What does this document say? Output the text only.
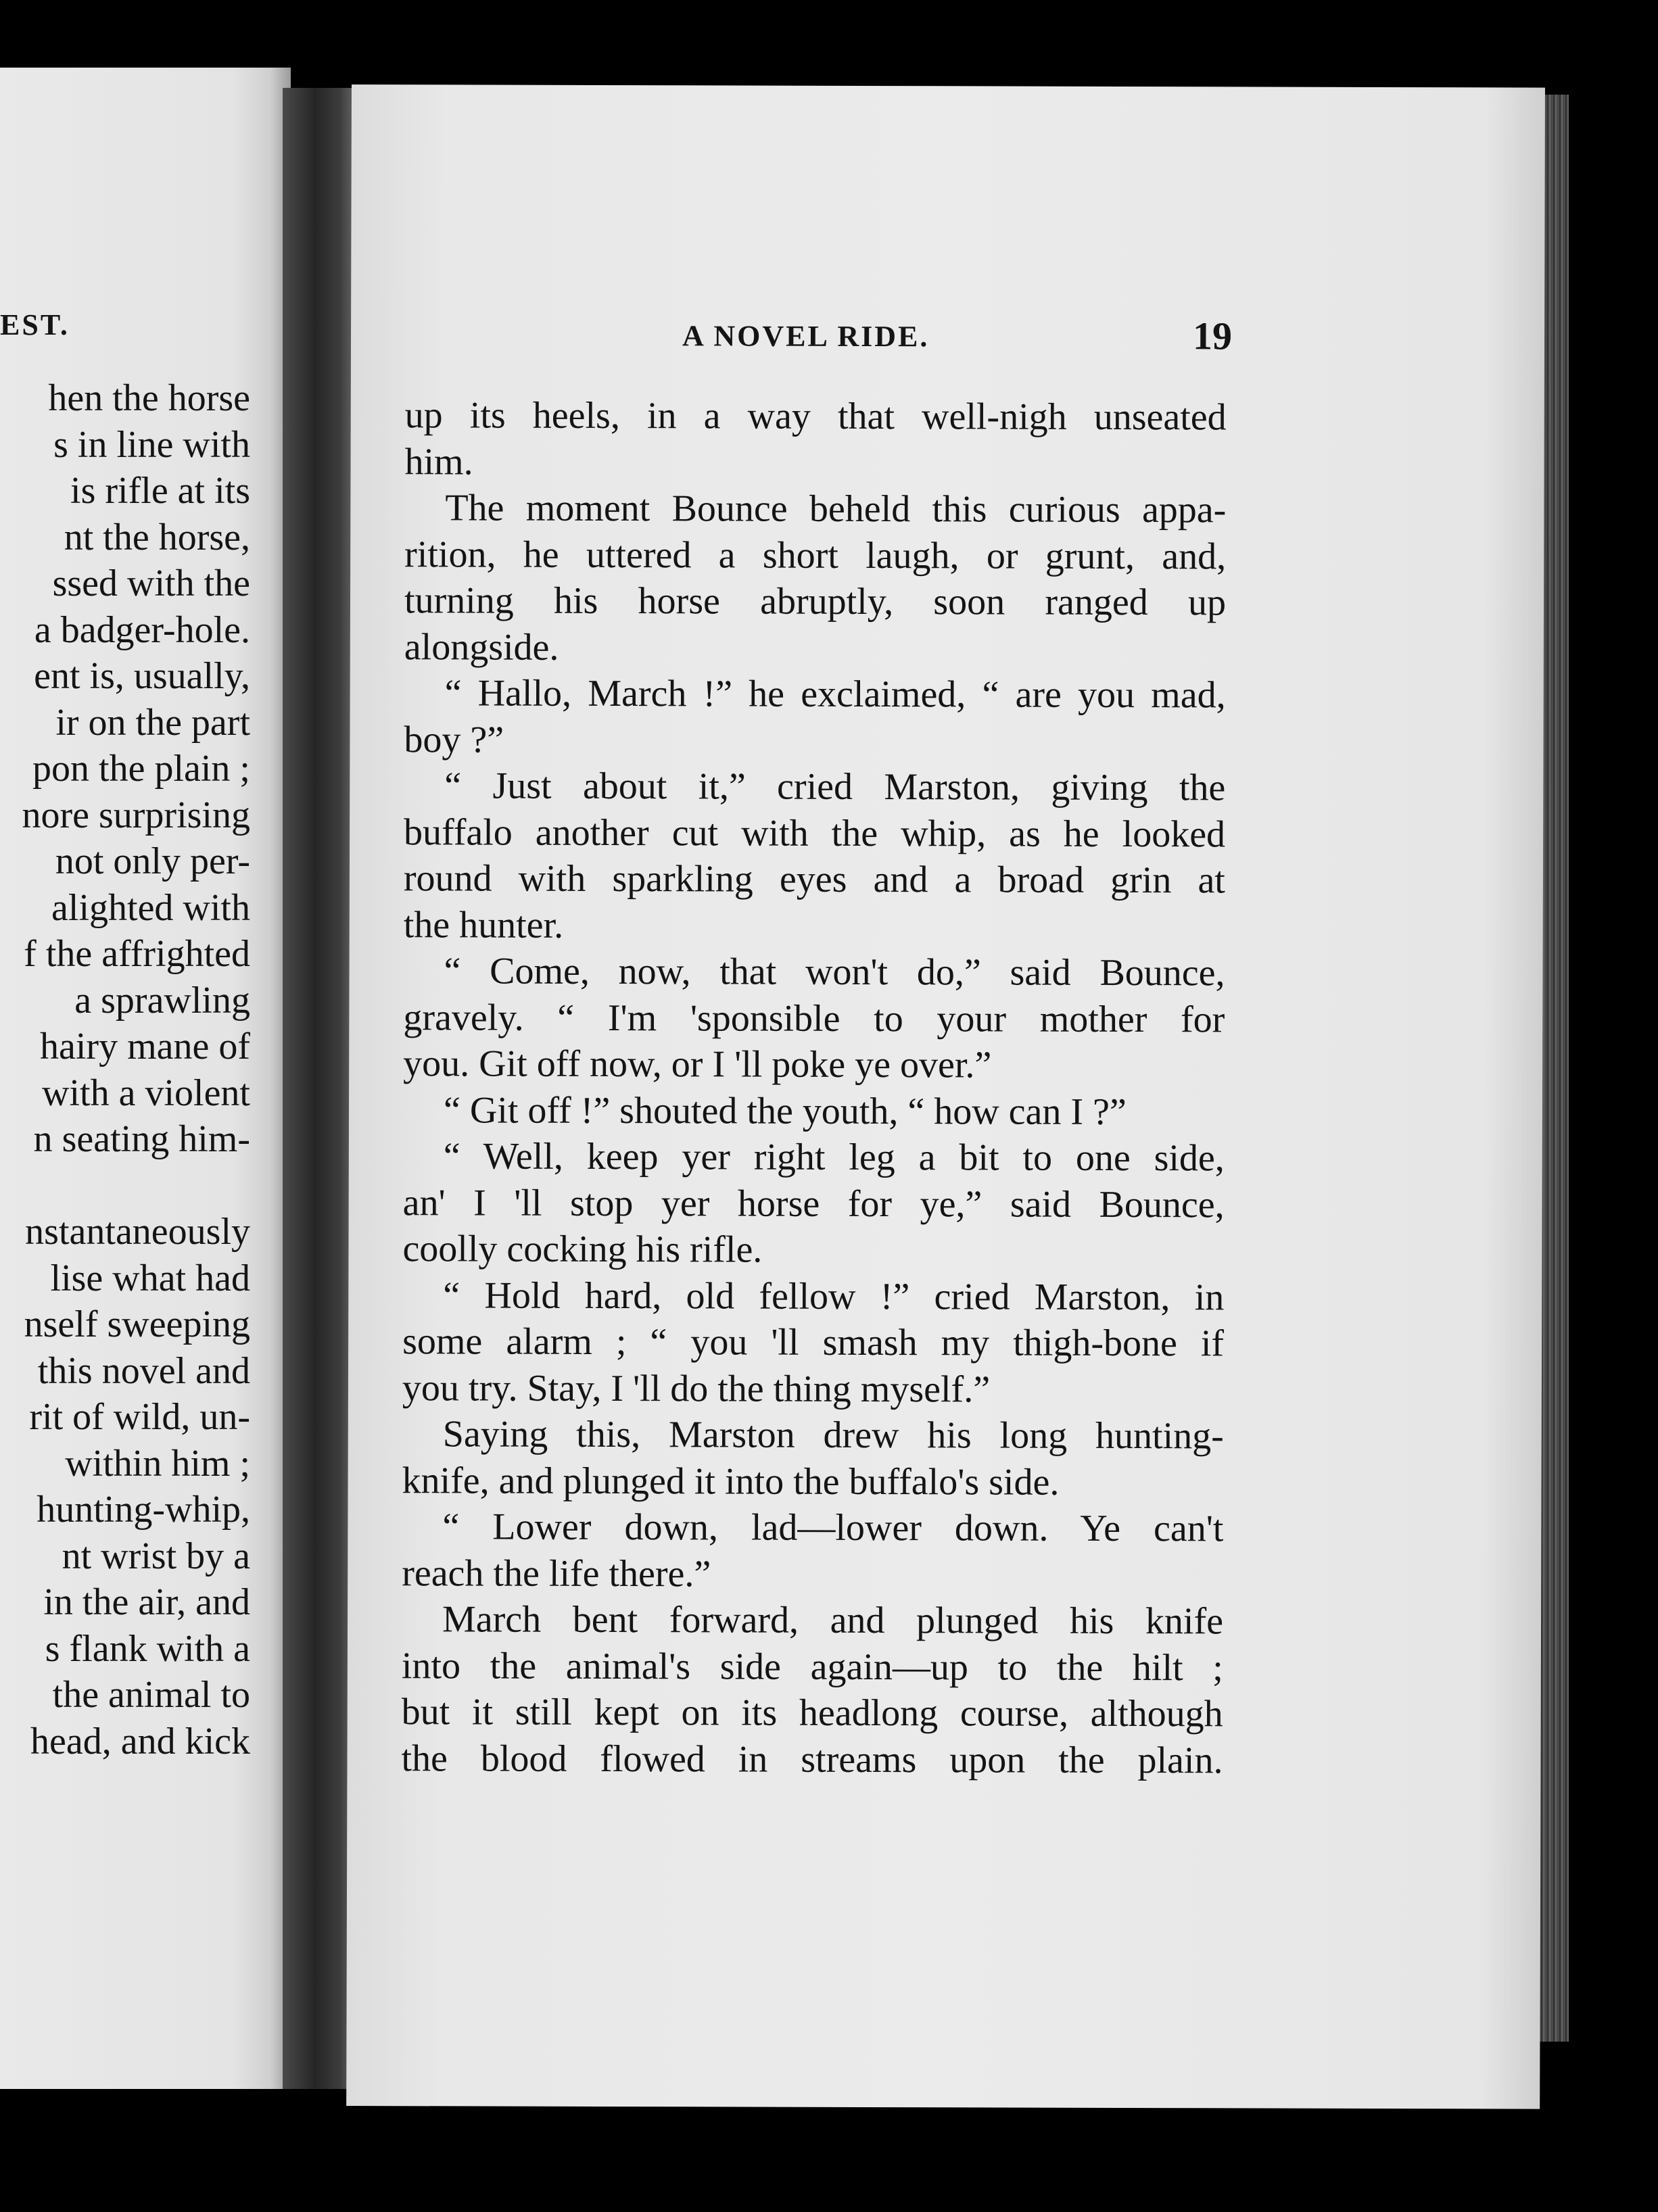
EST.
hen the horse
s in line with
is rifle at its
nt the horse,
ssed with the
a badger-hole.
ent is, usually,
ir on the part
pon the plain ;
nore surprising
not only per-
alighted with
f the affrighted
a sprawling
hairy mane of
with a violent
n seating him-
nstantaneously
lise what had
nself sweeping
this novel and
rit of wild, un-
within him ;
hunting-whip,
nt wrist by a
in the air, and
s flank with a
the animal to
head, and kick
A NOVEL RIDE.	19
up its heels, in a way that well-nigh unseated
him.
The moment Bounce beheld this curious appa-
rition, he uttered a short laugh, or grunt, and,
turning his horse abruptly, soon ranged up
alongside.
“ Hallo, March !” he exclaimed, “ are you mad,
boy ?”
“ Just about it,” cried Marston, giving the
buffalo another cut with the whip, as he looked
round with sparkling eyes and a broad grin at
the hunter.
“ Come, now, that won't do,” said Bounce,
gravely. “ I'm 'sponsible to your mother for
you. Git off now, or I 'll poke ye over.”
“ Git off !” shouted the youth, “ how can I ?”
“ Well, keep yer right leg a bit to one side,
an' I 'll stop yer horse for ye,” said Bounce,
coolly cocking his rifle.
“ Hold hard, old fellow !” cried Marston, in
some alarm ; “ you 'll smash my thigh-bone if
you try. Stay, I 'll do the thing myself.”
Saying this, Marston drew his long hunting-
knife, and plunged it into the buffalo's side.
“ Lower down, lad—lower down. Ye can't
reach the life there.”
March bent forward, and plunged his knife
into the animal's side again—up to the hilt ;
but it still kept on its headlong course, although
the blood flowed in streams upon the plain.
